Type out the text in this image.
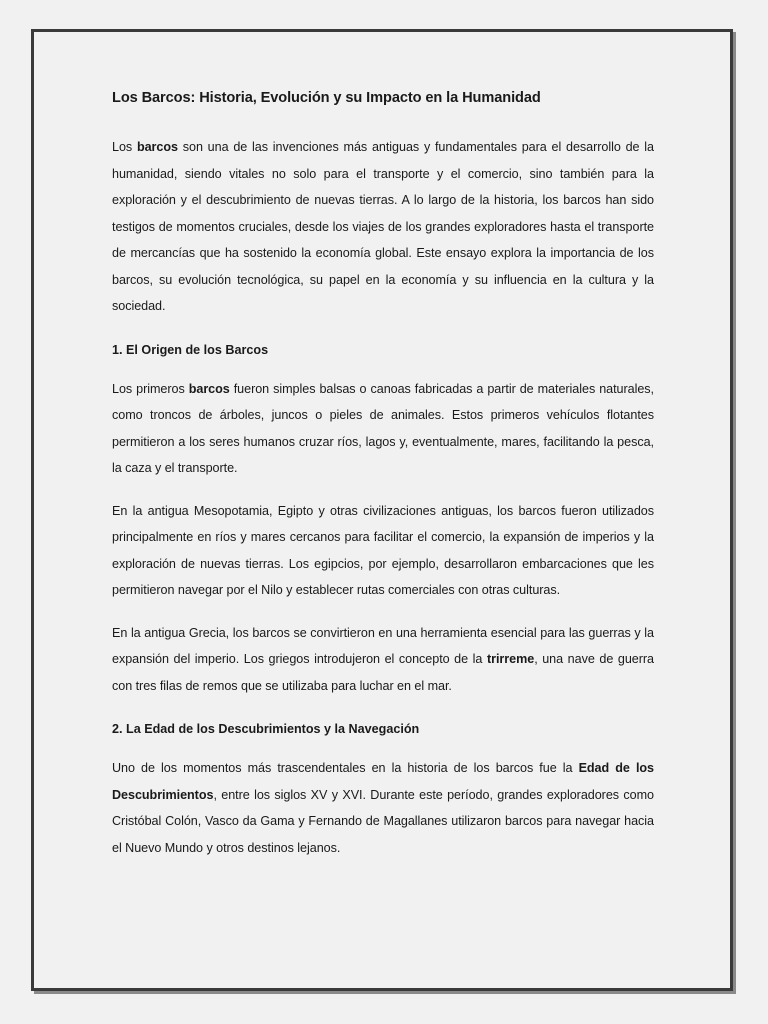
Los Barcos: Historia, Evolución y su Impacto en la Humanidad

Los barcos son una de las invenciones más antiguas y fundamentales para el desarrollo de la humanidad, siendo vitales no solo para el transporte y el comercio, sino también para la exploración y el descubrimiento de nuevas tierras. A lo largo de la historia, los barcos han sido testigos de momentos cruciales, desde los viajes de los grandes exploradores hasta el transporte de mercancías que ha sostenido la economía global. Este ensayo explora la importancia de los barcos, su evolución tecnológica, su papel en la economía y su influencia en la cultura y la sociedad.

1. El Origen de los Barcos

Los primeros barcos fueron simples balsas o canoas fabricadas a partir de materiales naturales, como troncos de árboles, juncos o pieles de animales. Estos primeros vehículos flotantes permitieron a los seres humanos cruzar ríos, lagos y, eventualmente, mares, facilitando la pesca, la caza y el transporte.

En la antigua Mesopotamia, Egipto y otras civilizaciones antiguas, los barcos fueron utilizados principalmente en ríos y mares cercanos para facilitar el comercio, la expansión de imperios y la exploración de nuevas tierras. Los egipcios, por ejemplo, desarrollaron embarcaciones que les permitieron navegar por el Nilo y establecer rutas comerciales con otras culturas.

En la antigua Grecia, los barcos se convirtieron en una herramienta esencial para las guerras y la expansión del imperio. Los griegos introdujeron el concepto de la trirreme, una nave de guerra con tres filas de remos que se utilizaba para luchar en el mar.

2. La Edad de los Descubrimientos y la Navegación

Uno de los momentos más trascendentales en la historia de los barcos fue la Edad de los Descubrimientos, entre los siglos XV y XVI. Durante este período, grandes exploradores como Cristóbal Colón, Vasco da Gama y Fernando de Magallanes utilizaron barcos para navegar hacia el Nuevo Mundo y otros destinos lejanos.
